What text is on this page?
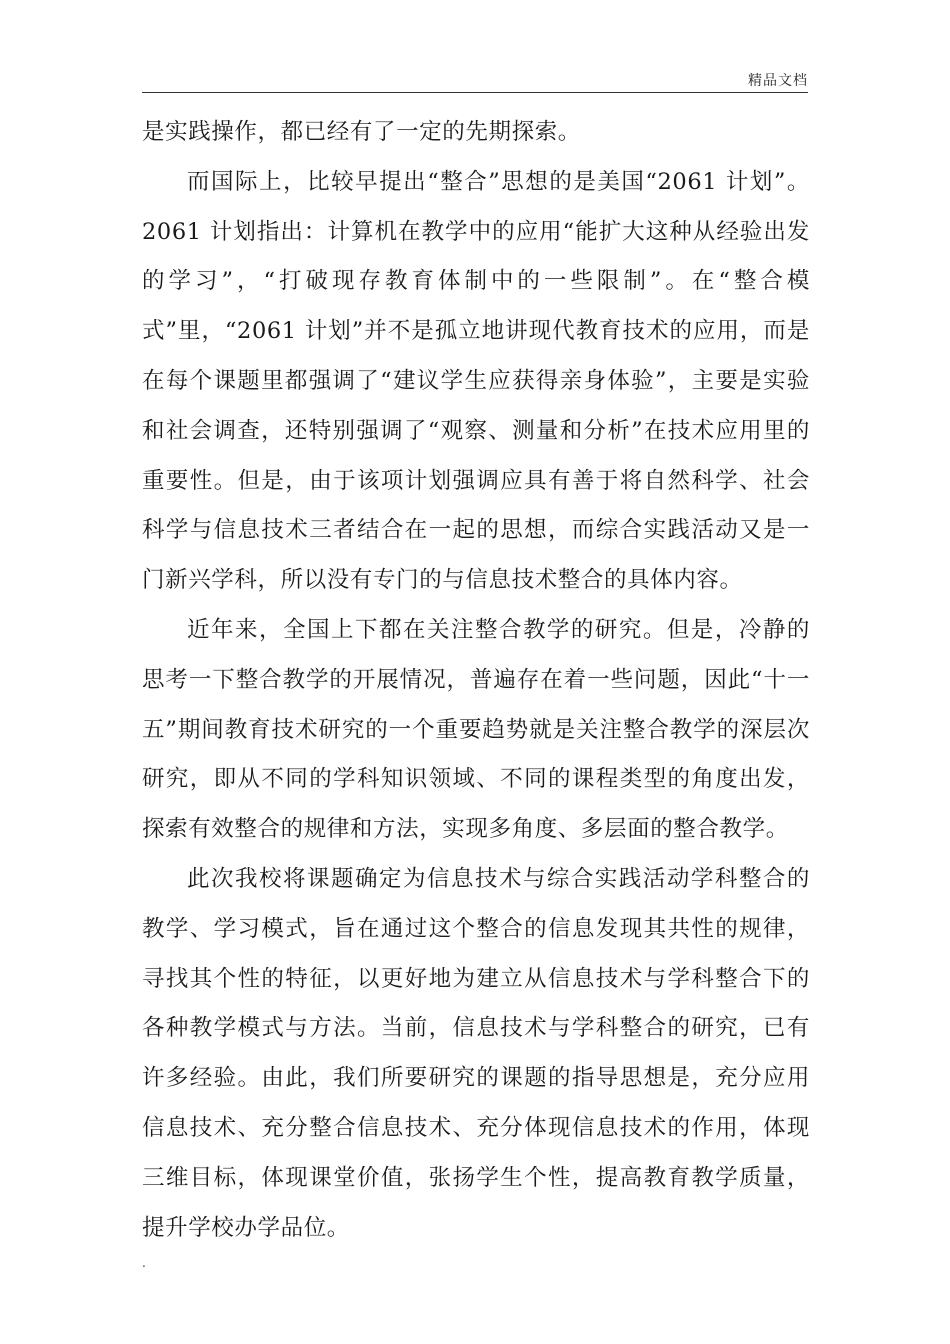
精品文档

是实践操作，都已经有了一定的先期探索。

而国际上，比较早提出“整合”思想的是美国“2061 计划”。 2061 计划指出：计算机在教学中的应用“能扩大这种从经验出发的学习”，“打破现存教育体制中的一些限制”。在“整合模式”里，“2061 计划”并不是孤立地讲现代教育技术的应用，而是在每个课题里都强调了“建议学生应获得亲身体验”，主要是实验和社会调查，还特别强调了“观察、测量和分析”在技术应用里的重要性。但是，由于该项计划强调应具有善于将自然科学、社会科学与信息技术三者结合在一起的思想，而综合实践活动又是一门新兴学科，所以没有专门的与信息技术整合的具体内容。

近年来，全国上下都在关注整合教学的研究。但是，冷静的思考一下整合教学的开展情况，普遍存在着一些问题，因此“十一五”期间教育技术研究的一个重要趋势就是关注整合教学的深层次研究，即从不同的学科知识领域、不同的课程类型的角度出发，探索有效整合的规律和方法，实现多角度、多层面的整合教学。

此次我校将课题确定为信息技术与综合实践活动学科整合的教学、学习模式，旨在通过这个整合的信息发现其共性的规律，寻找其个性的特征，以更好地为建立从信息技术与学科整合下的各种教学模式与方法。当前，信息技术与学科整合的研究，已有许多经验。由此，我们所要研究的课题的指导思想是，充分应用信息技术、充分整合信息技术、充分体现信息技术的作用，体现三维目标，体现课堂价值，张扬学生个性，提高教育教学质量，提升学校办学品位。

.
